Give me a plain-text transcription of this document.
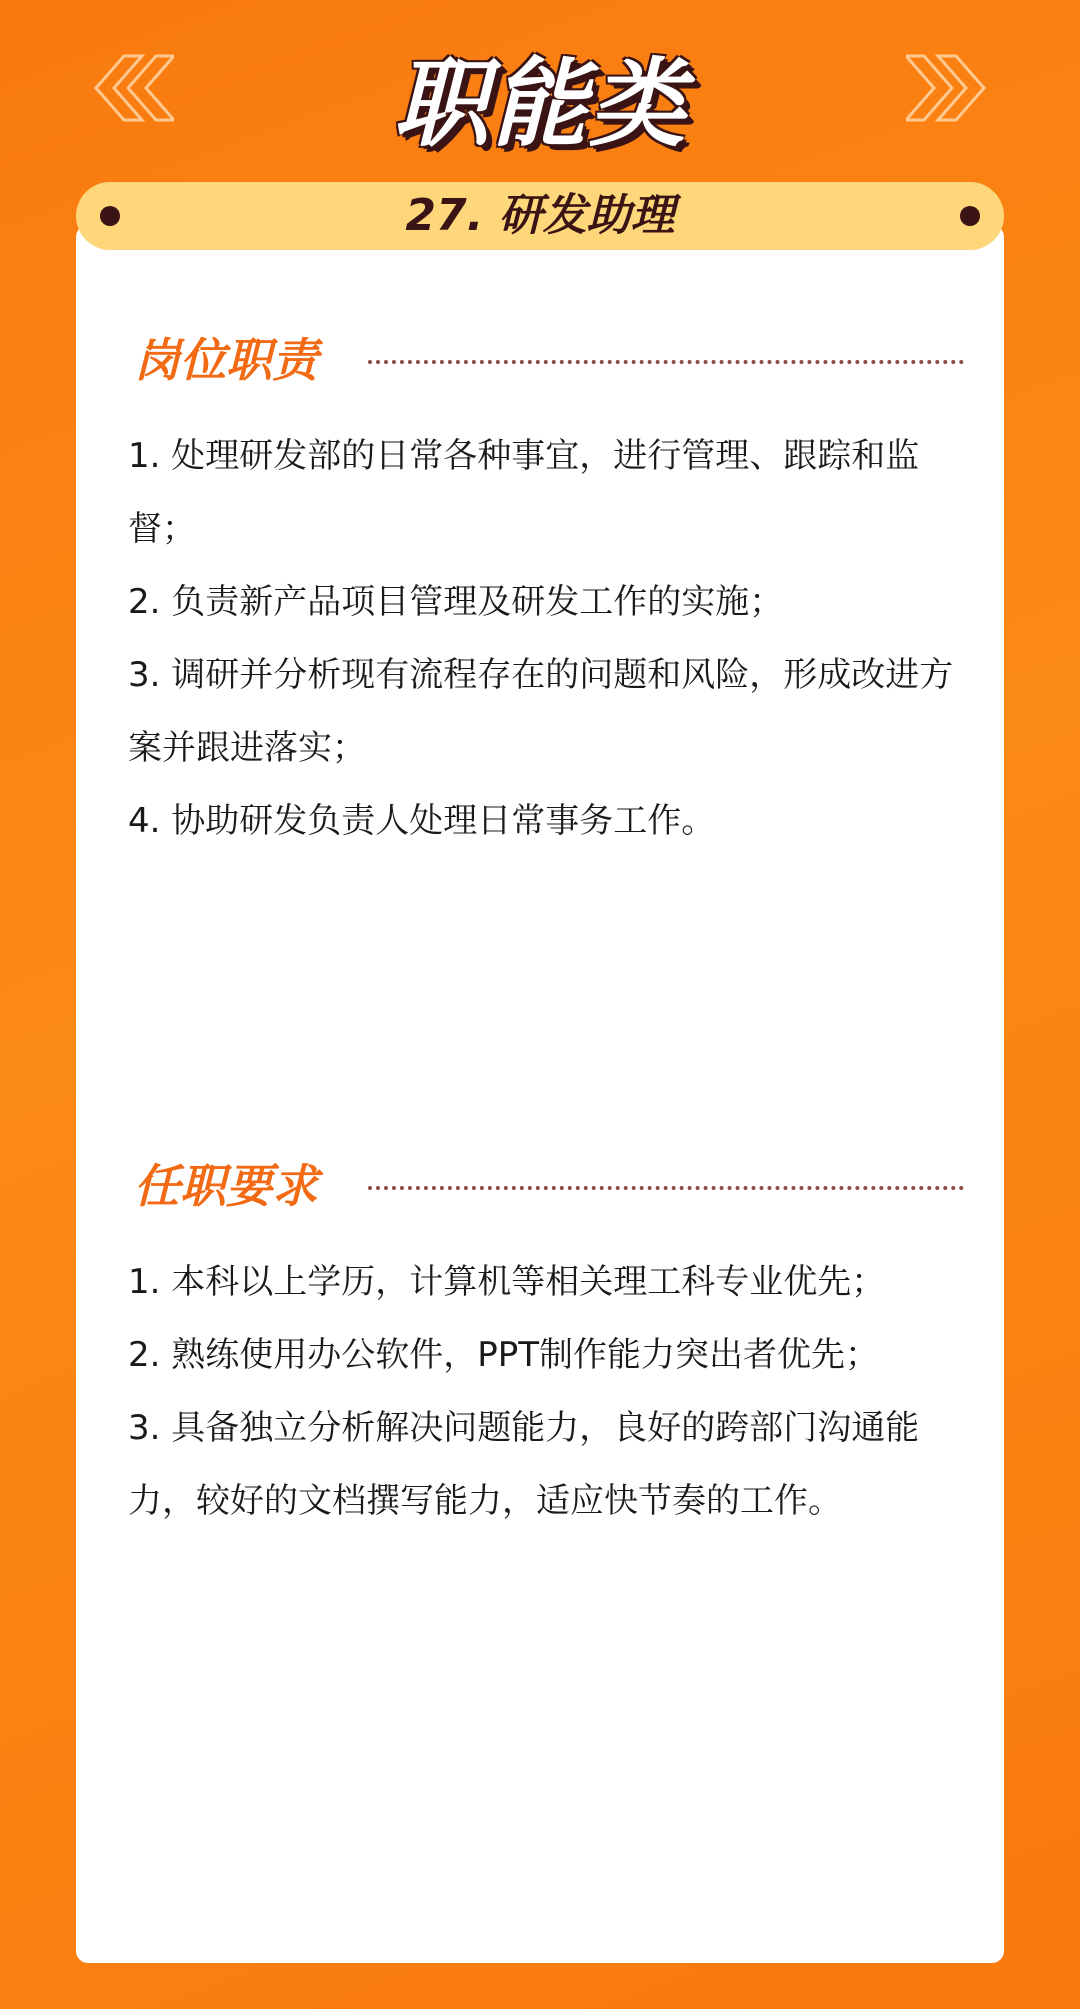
职能类
27. 研发助理
岗位职责
1. 处理研发部的日常各种事宜，进行管理、跟踪和监督；
2. 负责新产品项目管理及研发工作的实施；
3. 调研并分析现有流程存在的问题和风险，形成改进方案并跟进落实；
4. 协助研发负责人处理日常事务工作。
任职要求
1. 本科以上学历，计算机等相关理工科专业优先；
2. 熟练使用办公软件，PPT制作能力突出者优先；
3. 具备独立分析解决问题能力，良好的跨部门沟通能力，较好的文档撰写能力，适应快节奏的工作。
